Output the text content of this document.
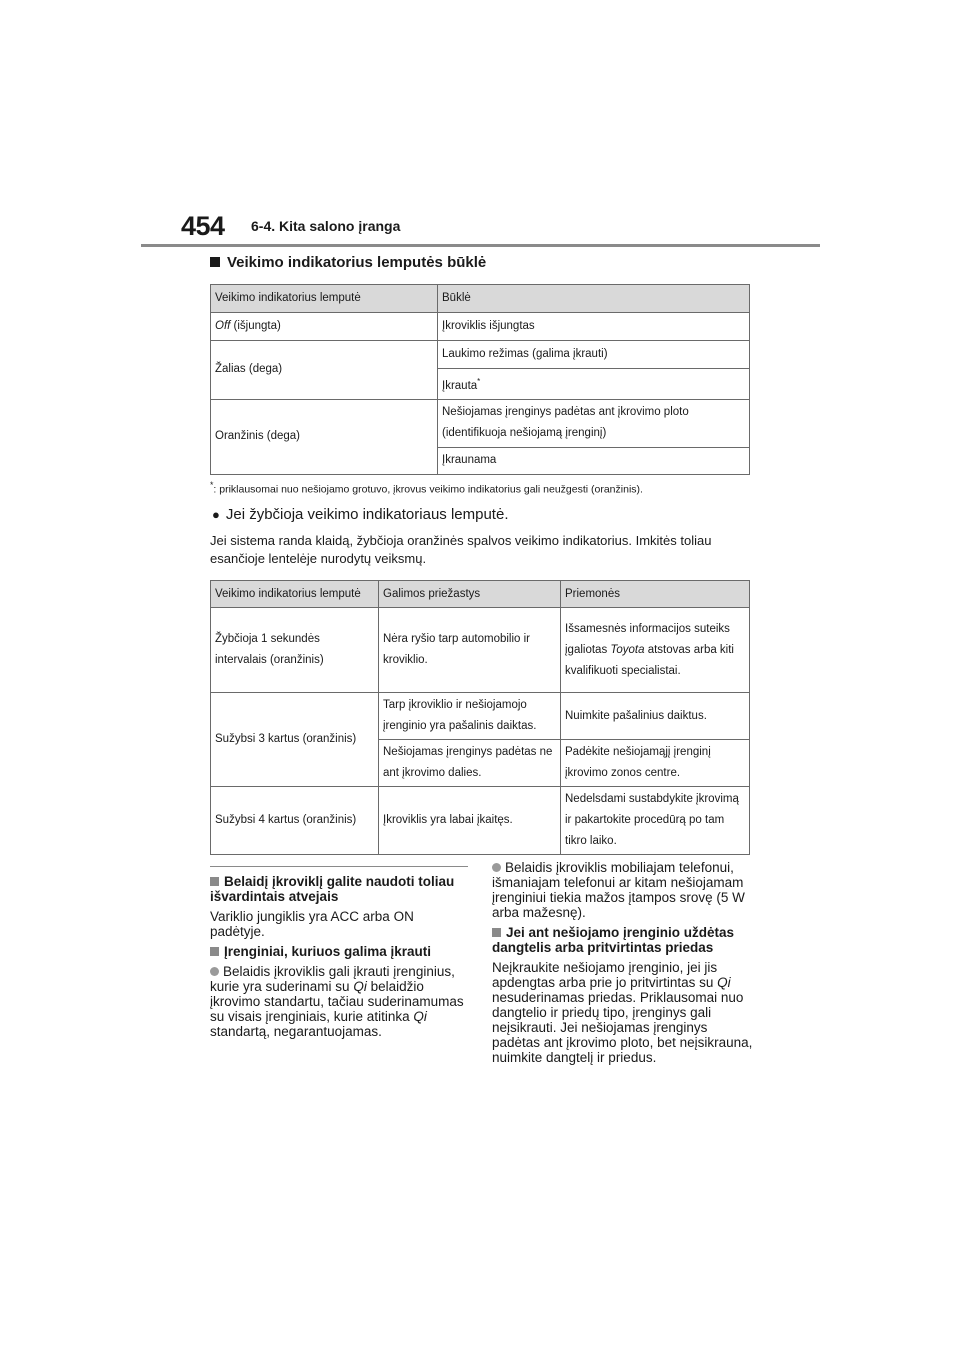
454 6-4. Kita salono įranga
Veikimo indikatorius lemputės būklė
Veikimo indikatorius lemputė	Būklė
Off (išjungta)	Įkroviklis išjungtas
Žalias (dega)	Laukimo režimas (galima įkrauti)
	Įkrauta*
Oranžinis (dega)	Nešiojamas įrenginys padėtas ant įkrovimo ploto (identifikuoja nešiojamą įrenginį)
	Įkraunama
*: priklausomai nuo nešiojamo grotuvo, įkrovus veikimo indikatorius gali neužgesti (oranžinis).
● Jei žybčioja veikimo indikatoriaus lemputė.
Jei sistema randa klaidą, žybčioja oranžinės spalvos veikimo indikatorius. Imkitės toliau esančioje lentelėje nurodytų veiksmų.
Veikimo indikatorius lemputė	Galimos priežastys	Priemonės
Žybčioja 1 sekundės intervalais (oranžinis)	Nėra ryšio tarp automobilio ir kroviklio.	Išsamesnės informacijos suteiks įgaliotas Toyota atstovas arba kiti kvalifikuoti specialistai.
Sužybsi 3 kartus (oranžinis)	Tarp įkroviklio ir nešiojamojo įrenginio yra pašalinis daiktas.	Nuimkite pašalinius daiktus.
	Nešiojamas įrenginys padėtas ne ant įkrovimo dalies.	Padėkite nešiojamąjį įrenginį įkrovimo zonos centre.
Sužybsi 4 kartus (oranžinis)	Įkroviklis yra labai įkaitęs.	Nedelsdami sustabdykite įkrovimą ir pakartokite procedūrą po tam tikro laiko.

Belaidį įkroviklį galite naudoti toliau išvardintais atvejais

Variklio jungiklis yra ACC arba ON padėtyje.

Įrenginiai, kuriuos galima įkrauti

Belaidis įkroviklis gali įkrauti įrenginius, kurie yra suderinami su Qi belaidžio įkrovimo standartu, tačiau suderinamumas su visais įrenginiais, kurie atitinka Qi standartą, negarantuojamas.

Belaidis įkroviklis mobiliajam telefonui, išmaniajam telefonui ar kitam nešiojamam įrenginiui tiekia mažos įtampos srovę (5 W arba mažesnę).

Jei ant nešiojamo įrenginio uždėtas dangtelis arba pritvirtintas priedas

Neįkraukite nešiojamo įrenginio, jei jis apdengtas arba prie jo pritvirtintas su Qi nesuderinamas priedas. Priklausomai nuo dangtelio ir priedų tipo, įrenginys gali neįsikrauti. Jei nešiojamas įrenginys padėtas ant įkrovimo ploto, bet neįsikrauna, nuimkite dangtelį ir priedus.
